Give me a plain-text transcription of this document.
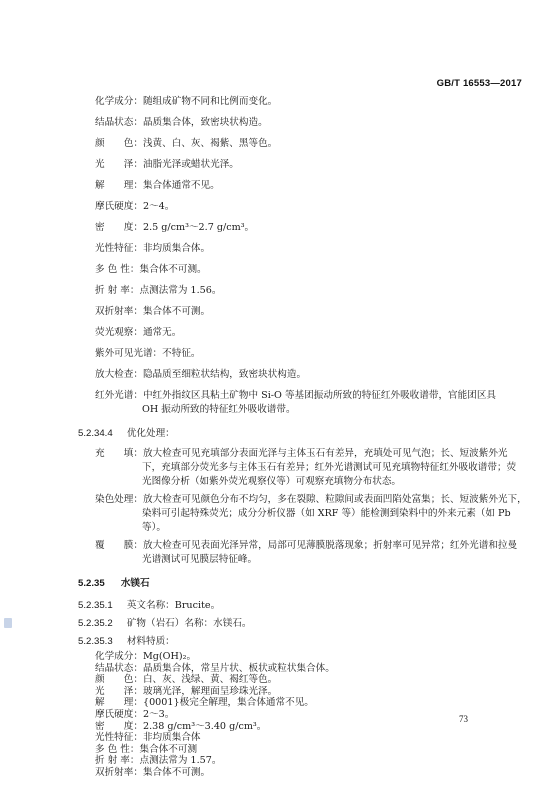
GB/T 16553—2017
化学成分：随组成矿物不同和比例而变化。
结晶状态：晶质集合体，致密块状构造。
颜　　色：浅黄、白、灰、褐紫、黑等色。
光　　泽：油脂光泽或蜡状光泽。
解　　理：集合体通常不见。
摩氏硬度：2～4。
密　　度：2.5 g/cm³～2.7 g/cm³。
光性特征：非均质集合体。
多 色 性：集合体不可测。
折 射 率：点测法常为 1.56。
双折射率：集合体不可测。
荧光观察：通常无。
紫外可见光谱：不特征。
放大检查：隐晶质至细粒状结构，致密块状构造。
红外光谱：中红外指纹区具粘土矿物中 Si-O 等基团振动所致的特征红外吸收谱带，官能团区具
OH 振动所致的特征红外吸收谱带。
5.2.34.4 优化处理：
充　　填：放大检查可见充填部分表面光泽与主体玉石有差异，充填处可见气泡；长、短波紫外光
下，充填部分荧光多与主体玉石有差异；红外光谱测试可见充填物特征红外吸收谱带；荧
光图像分析（如紫外荧光观察仪等）可观察充填物分布状态。
染色处理：放大检查可见颜色分布不均匀，多在裂隙、粒隙间或表面凹陷处富集；长、短波紫外光下，
染料可引起特殊荧光；成分分析仪器（如 XRF 等）能检测到染料中的外来元素（如 Pb
等）。
覆　　膜：放大检查可见表面光泽异常，局部可见薄膜脱落现象；折射率可见异常；红外光谱和拉曼
光谱测试可见膜层特征峰。
5.2.35 水镁石
5.2.35.1 英文名称：Brucite。
5.2.35.2 矿物（岩石）名称：水镁石。
5.2.35.3 材料特质：
化学成分：Mg(OH)₂。
结晶状态：晶质集合体，常呈片状、板状或粒状集合体。
颜　　色：白、灰、浅绿、黄、褐红等色。
光　　泽：玻璃光泽，解理面呈珍珠光泽。
解　　理：{0001}极完全解理，集合体通常不见。
摩氏硬度：2～3。
密　　度：2.38 g/cm³～3.40 g/cm³。
光性特征：非均质集合体
多 色 性：集合体不可测
73
折 射 率：点测法常为 1.57。
双折射率：集合体不可测。
